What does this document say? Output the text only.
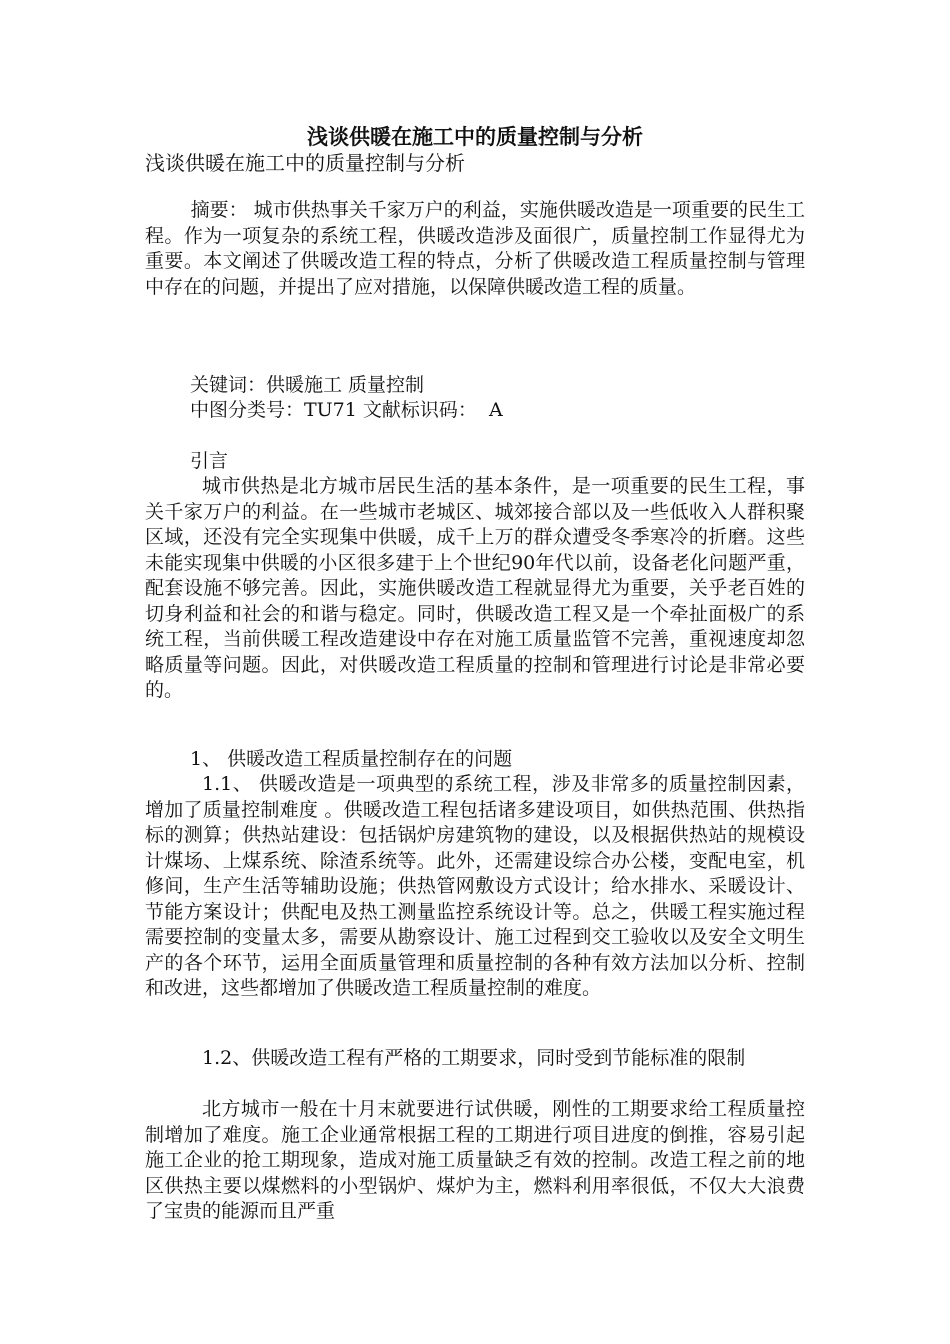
浅谈供暖在施工中的质量控制与分析
浅谈供暖在施工中的质量控制与分析

摘要： 城市供热事关千家万户的利益，实施供暖改造是一项重要的民生工程。作为一项复杂的系统工程，供暖改造涉及面很广，质量控制工作显得尤为重要。本文阐述了供暖改造工程的特点，分析了供暖改造工程质量控制与管理中存在的问题，并提出了应对措施，以保障供暖改造工程的质量。

关键词：供暖施工 质量控制
中图分类号：TU71 文献标识码：  A
引言

城市供热是北方城市居民生活的基本条件，是一项重要的民生工程，事关千家万户的利益。在一些城市老城区、城郊接合部以及一些低收入人群积聚区域，还没有完全实现集中供暖，成千上万的群众遭受冬季寒冷的折磨。这些未能实现集中供暖的小区很多建于上个世纪90年代以前，设备老化问题严重，配套设施不够完善。因此，实施供暖改造工程就显得尤为重要，关乎老百姓的切身利益和社会的和谐与稳定。同时，供暖改造工程又是一个牵扯面极广的系统工程，当前供暖工程改造建设中存在对施工质量监管不完善，重视速度却忽略质量等问题。因此，对供暖改造工程质量的控制和管理进行讨论是非常必要的。

1、 供暖改造工程质量控制存在的问题

1.1、 供暖改造是一项典型的系统工程，涉及非常多的质量控制因素，增加了质量控制难度 。供暖改造工程包括诸多建设项目，如供热范围、供热指标的测算；供热站建设：包括锅炉房建筑物的建设，以及根据供热站的规模设计煤场、上煤系统、除渣系统等。此外，还需建设综合办公楼，变配电室，机修间，生产生活等辅助设施；供热管网敷设方式设计；给水排水、采暖设计、节能方案设计；供配电及热工测量监控系统设计等。总之，供暖工程实施过程需要控制的变量太多，需要从勘察设计、施工过程到交工验收以及安全文明生产的各个环节，运用全面质量管理和质量控制的各种有效方法加以分析、控制和改进，这些都增加了供暖改造工程质量控制的难度。

1.2、供暖改造工程有严格的工期要求，同时受到节能标准的限制

北方城市一般在十月末就要进行试供暖，刚性的工期要求给工程质量控制增加了难度。施工企业通常根据工程的工期进行项目进度的倒推，容易引起施工企业的抢工期现象，造成对施工质量缺乏有效的控制。改造工程之前的地区供热主要以煤燃料的小型锅炉、煤炉为主，燃料利用率很低，不仅大大浪费了宝贵的能源而且严重
